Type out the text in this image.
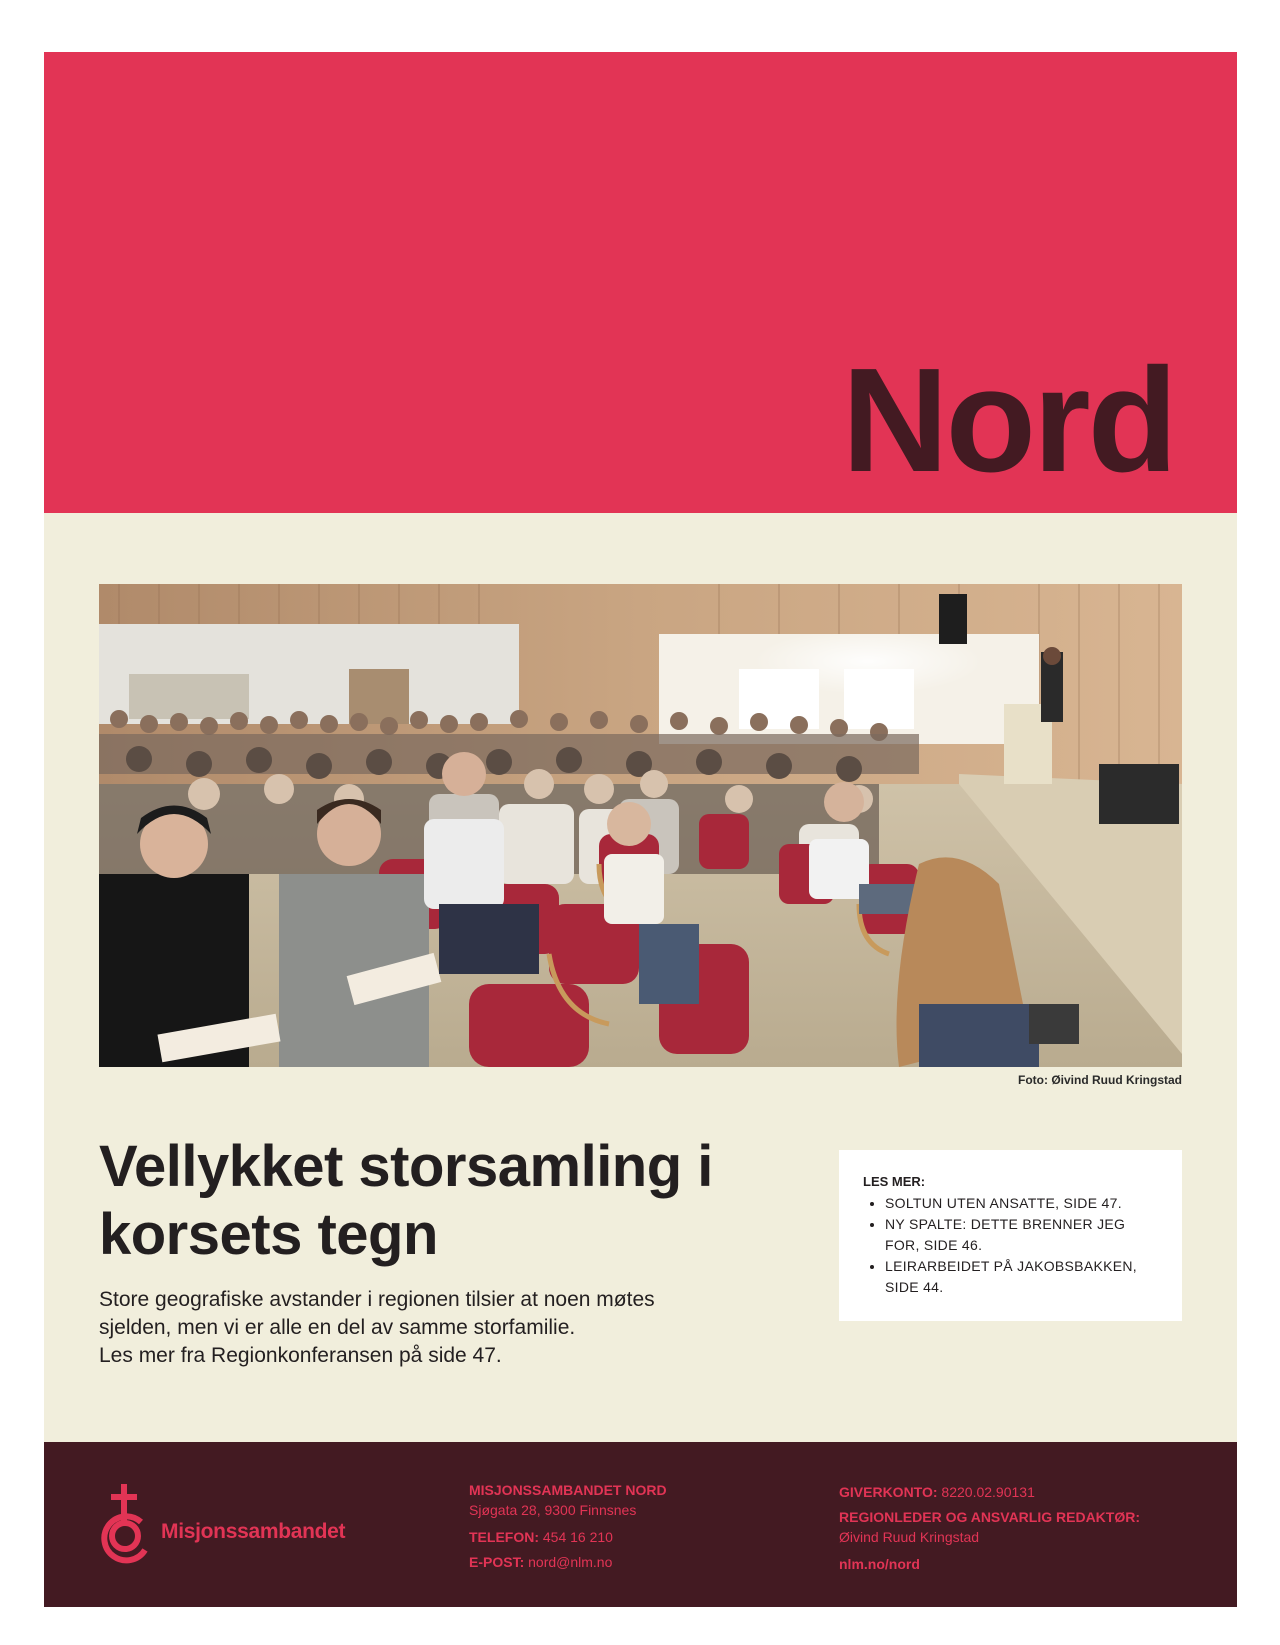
Nord
Foto: Øivind Ruud Kringstad
Vellykket storsamling i
korsets tegn

Store geografiske avstander i regionen tilsier at noen møtes
sjelden, men vi er alle en del av samme storfamilie.
Les mer fra Regionkonferansen på side 47.

LES MER:

• SOLTUN UTEN ANSATTE, SIDE 47.
• NY SPALTE: DETTE BRENNER JEG FOR, SIDE 46.
• LEIRARBEIDET PÅ JAKOBSBAKKEN, SIDE 44.
Misjonssambandet
MISJONSSAMBANDET NORD
Sjøgata 28, 9300 Finnsnes
TELEFON: 454 16 210
E-POST: nord@nlm.no
GIVERKONTO: 8220.02.90131
REGIONLEDER OG ANSVARLIG REDAKTØR:
Øivind Ruud Kringstad
nlm.no/nord
